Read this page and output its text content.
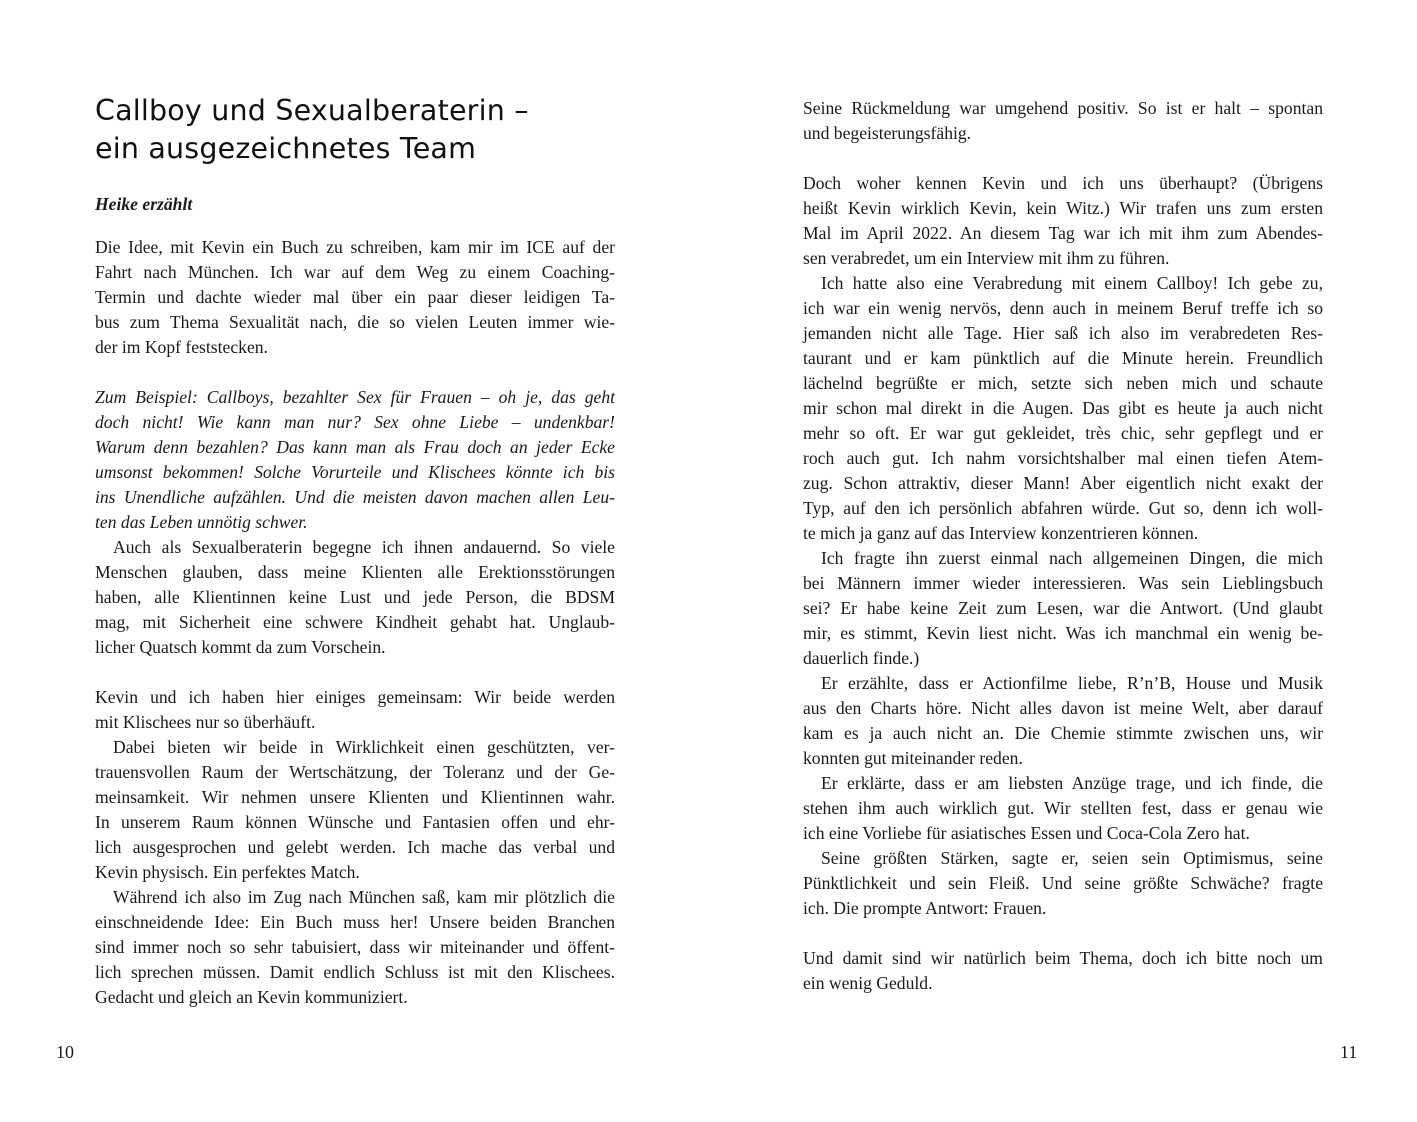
Callboy und Sexualberaterin –
ein ausgezeichnetes Team
Heike erzählt

Die Idee, mit Kevin ein Buch zu schreiben, kam mir im ICE auf der
Fahrt nach München. Ich war auf dem Weg zu einem Coaching-
Termin und dachte wieder mal über ein paar dieser leidigen Ta-
bus zum Thema Sexualität nach, die so vielen Leuten immer wie-
der im Kopf feststecken.

Zum Beispiel: Callboys, bezahlter Sex für Frauen – oh je, das geht
doch nicht! Wie kann man nur? Sex ohne Liebe – undenkbar!
Warum denn bezahlen? Das kann man als Frau doch an jeder Ecke
umsonst bekommen! Solche Vorurteile und Klischees könnte ich bis
ins Unendliche aufzählen. Und die meisten davon machen allen Leu-
ten das Leben unnötig schwer.

Auch als Sexualberaterin begegne ich ihnen andauernd. So viele
Menschen glauben, dass meine Klienten alle Erektionsstörungen
haben, alle Klientinnen keine Lust und jede Person, die BDSM
mag, mit Sicherheit eine schwere Kindheit gehabt hat. Unglaub-
licher Quatsch kommt da zum Vorschein.

Kevin und ich haben hier einiges gemeinsam: Wir beide werden
mit Klischees nur so überhäuft.

Dabei bieten wir beide in Wirklichkeit einen geschützten, ver-
trauensvollen Raum der Wertschätzung, der Toleranz und der Ge-
meinsamkeit. Wir nehmen unsere Klienten und Klientinnen wahr.
In unserem Raum können Wünsche und Fantasien offen und ehr-
lich ausgesprochen und gelebt werden. Ich mache das verbal und
Kevin physisch. Ein perfektes Match.

Während ich also im Zug nach München saß, kam mir plötzlich die
einschneidende Idee: Ein Buch muss her! Unsere beiden Branchen
sind immer noch so sehr tabuisiert, dass wir miteinander und öffent-
lich sprechen müssen. Damit endlich Schluss ist mit den Klischees.
Gedacht und gleich an Kevin kommuniziert.

10

Seine Rückmeldung war umgehend positiv. So ist er halt – spontan
und begeisterungsfähig.

Doch woher kennen Kevin und ich uns überhaupt? (Übrigens
heißt Kevin wirklich Kevin, kein Witz.) Wir trafen uns zum ersten
Mal im April 2022. An diesem Tag war ich mit ihm zum Abendes-
sen verabredet, um ein Interview mit ihm zu führen.

Ich hatte also eine Verabredung mit einem Callboy! Ich gebe zu,
ich war ein wenig nervös, denn auch in meinem Beruf treffe ich so
jemanden nicht alle Tage. Hier saß ich also im verabredeten Res-
taurant und er kam pünktlich auf die Minute herein. Freundlich
lächelnd begrüßte er mich, setzte sich neben mich und schaute
mir schon mal direkt in die Augen. Das gibt es heute ja auch nicht
mehr so oft. Er war gut gekleidet, très chic, sehr gepflegt und er
roch auch gut. Ich nahm vorsichtshalber mal einen tiefen Atem-
zug. Schon attraktiv, dieser Mann! Aber eigentlich nicht exakt der
Typ, auf den ich persönlich abfahren würde. Gut so, denn ich woll-
te mich ja ganz auf das Interview konzentrieren können.

Ich fragte ihn zuerst einmal nach allgemeinen Dingen, die mich
bei Männern immer wieder interessieren. Was sein Lieblingsbuch
sei? Er habe keine Zeit zum Lesen, war die Antwort. (Und glaubt
mir, es stimmt, Kevin liest nicht. Was ich manchmal ein wenig be-
dauerlich finde.)

Er erzählte, dass er Actionfilme liebe, R’n’B, House und Musik
aus den Charts höre. Nicht alles davon ist meine Welt, aber darauf
kam es ja auch nicht an. Die Chemie stimmte zwischen uns, wir
konnten gut miteinander reden.

Er erklärte, dass er am liebsten Anzüge trage, und ich finde, die
stehen ihm auch wirklich gut. Wir stellten fest, dass er genau wie
ich eine Vorliebe für asiatisches Essen und Coca-Cola Zero hat.

Seine größten Stärken, sagte er, seien sein Optimismus, seine
Pünktlichkeit und sein Fleiß. Und seine größte Schwäche? fragte
ich. Die prompte Antwort: Frauen.

Und damit sind wir natürlich beim Thema, doch ich bitte noch um
ein wenig Geduld.

11
